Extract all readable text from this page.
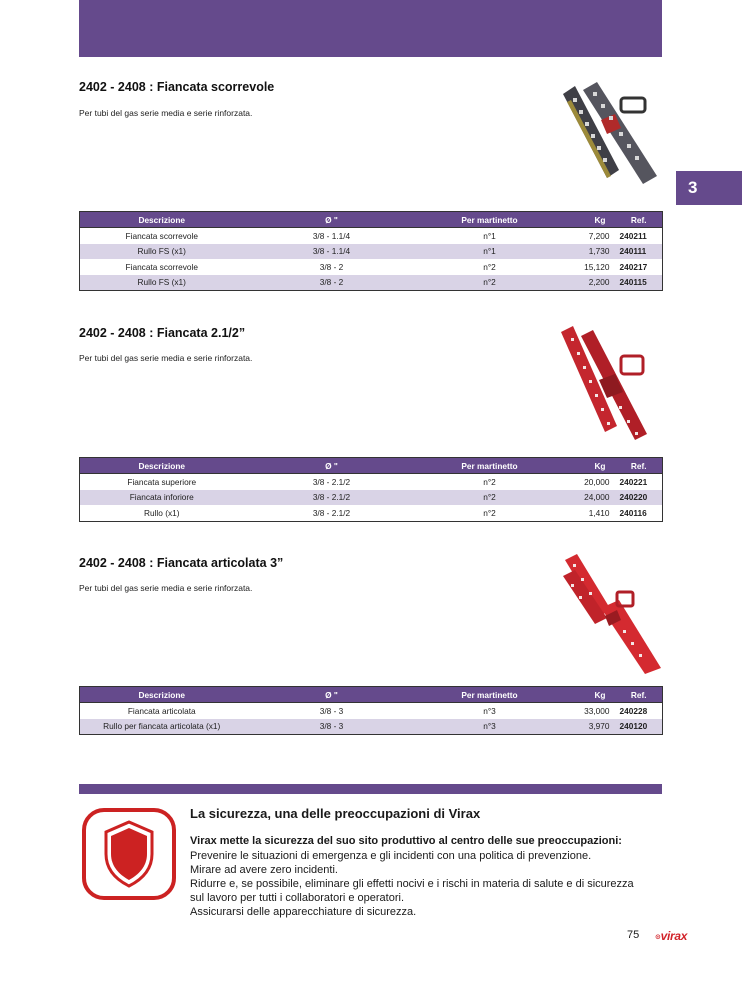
3
2402 - 2408 : Fiancata scorrevole
Per tubi del gas serie media e serie rinforzata.
Descrizione	Ø "	Per martinetto	Kg	Ref.
Fiancata scorrevole	3/8 - 1.1/4	n°1	7,200	240211
Rullo FS (x1)	3/8 - 1.1/4	n°1	1,730	240111
Fiancata scorrevole	3/8 - 2	n°2	15,120	240217
Rullo FS (x1)	3/8 - 2	n°2	2,200	240115
2402 - 2408 : Fiancata 2.1/2”
Per tubi del gas serie media e serie rinforzata.
Descrizione	Ø "	Per martinetto	Kg	Ref.
Fiancata superiore	3/8 - 2.1/2	n°2	20,000	240221
Fiancata inforiore	3/8 - 2.1/2	n°2	24,000	240220
Rullo (x1)	3/8 - 2.1/2	n°2	1,410	240116
2402 - 2408 : Fiancata articolata 3”
Per tubi del gas serie media e serie rinforzata.
Descrizione	Ø "	Per martinetto	Kg	Ref.
Fiancata articolata	3/8 - 3	n°3	33,000	240228
Rullo per fiancata articolata (x1)	3/8 - 3	n°3	3,970	240120
La sicurezza, una delle preoccupazioni di Virax
Virax mette la sicurezza del suo sito produttivo al centro delle sue preoccupazioni:
Prevenire le situazioni di emergenza e gli incidenti con una politica di prevenzione.
Mirare ad avere zero incidenti.
Ridurre e, se possibile, eliminare gli effetti nocivi e i rischi in materia di salute e di sicurezza
sul lavoro per tutti i collaboratori e operatori.
Assicurarsi delle apparecchiature di sicurezza.
75 ⊙virax
